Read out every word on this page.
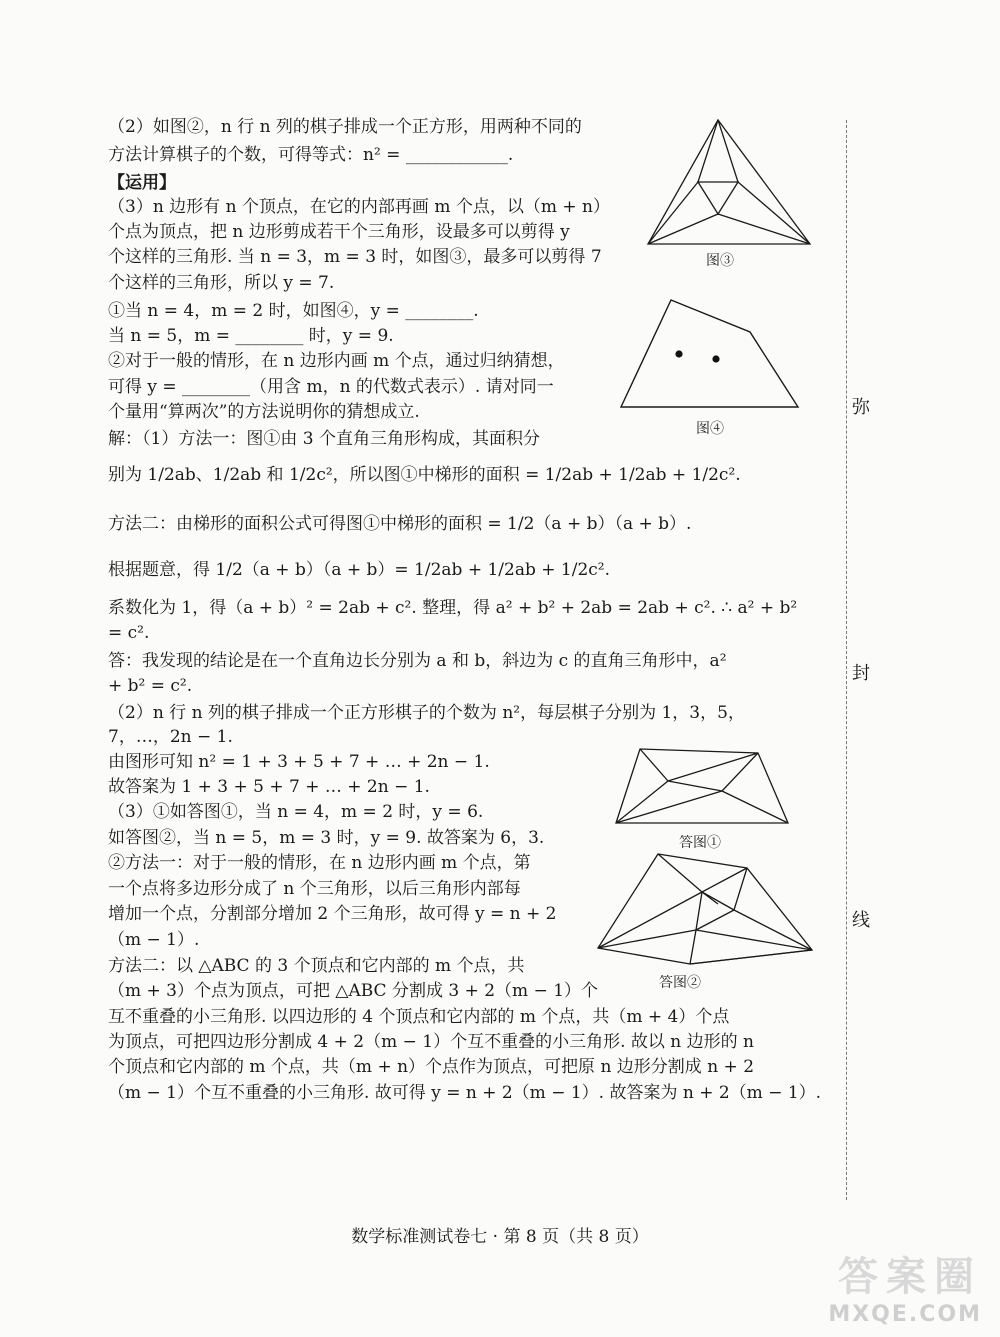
（2）如图②，n 行 n 列的棋子排成一个正方形，用两种不同的
方法计算棋子的个数，可得等式：n² = ____________.
【运用】
（3）n 边形有 n 个顶点，在它的内部再画 m 个点，以（m + n）
个点为顶点，把 n 边形剪成若干个三角形，设最多可以剪得 y
个这样的三角形. 当 n = 3，m = 3 时，如图③，最多可以剪得 7
个这样的三角形，所以 y = 7.
①当 n = 4，m = 2 时，如图④，y = ________.
当 n = 5，m = ________ 时，y = 9.
②对于一般的情形，在 n 边形内画 m 个点，通过归纳猜想，
可得 y = ________（用含 m，n 的代数式表示）. 请对同一
个量用“算两次”的方法说明你的猜想成立.
解：（1）方法一：图①由 3 个直角三角形构成，其面积分
别为 1/2ab、1/2ab 和 1/2c²，所以图①中梯形的面积 = 1/2ab + 1/2ab + 1/2c².
方法二：由梯形的面积公式可得图①中梯形的面积 = 1/2（a + b）（a + b）.
根据题意，得 1/2（a + b）（a + b）= 1/2ab + 1/2ab + 1/2c².
系数化为 1，得（a + b）² = 2ab + c². 整理，得 a² + b² + 2ab = 2ab + c². ∴ a² + b²
= c².
答：我发现的结论是在一个直角边长分别为 a 和 b，斜边为 c 的直角三角形中，a²
+ b² = c².
（2）n 行 n 列的棋子排成一个正方形棋子的个数为 n²，每层棋子分别为 1，3，5，
7，…，2n − 1.
由图形可知 n² = 1 + 3 + 5 + 7 + … + 2n − 1.
故答案为 1 + 3 + 5 + 7 + … + 2n − 1.
（3）①如答图①，当 n = 4，m = 2 时，y = 6.
如答图②，当 n = 5，m = 3 时，y = 9. 故答案为 6，3.
②方法一：对于一般的情形，在 n 边形内画 m 个点，第
一个点将多边形分成了 n 个三角形，以后三角形内部每
增加一个点，分割部分增加 2 个三角形，故可得 y = n + 2
（m − 1）.
方法二：以 △ABC 的 3 个顶点和它内部的 m 个点，共
（m + 3）个点为顶点，可把 △ABC 分割成 3 + 2（m − 1）个
互不重叠的小三角形. 以四边形的 4 个顶点和它内部的 m 个点，共（m + 4）个点
为顶点，可把四边形分割成 4 + 2（m − 1）个互不重叠的小三角形. 故以 n 边形的 n
个顶点和它内部的 m 个点，共（m + n）个点作为顶点，可把原 n 边形分割成 n + 2
（m − 1）个互不重叠的小三角形. 故可得 y = n + 2（m − 1）. 故答案为 n + 2（m − 1）.
图③
图④
答图①
答图②
弥
封
线
数学标准测试卷七 · 第 8 页（共 8 页）
答案圈
MXQE.COM
